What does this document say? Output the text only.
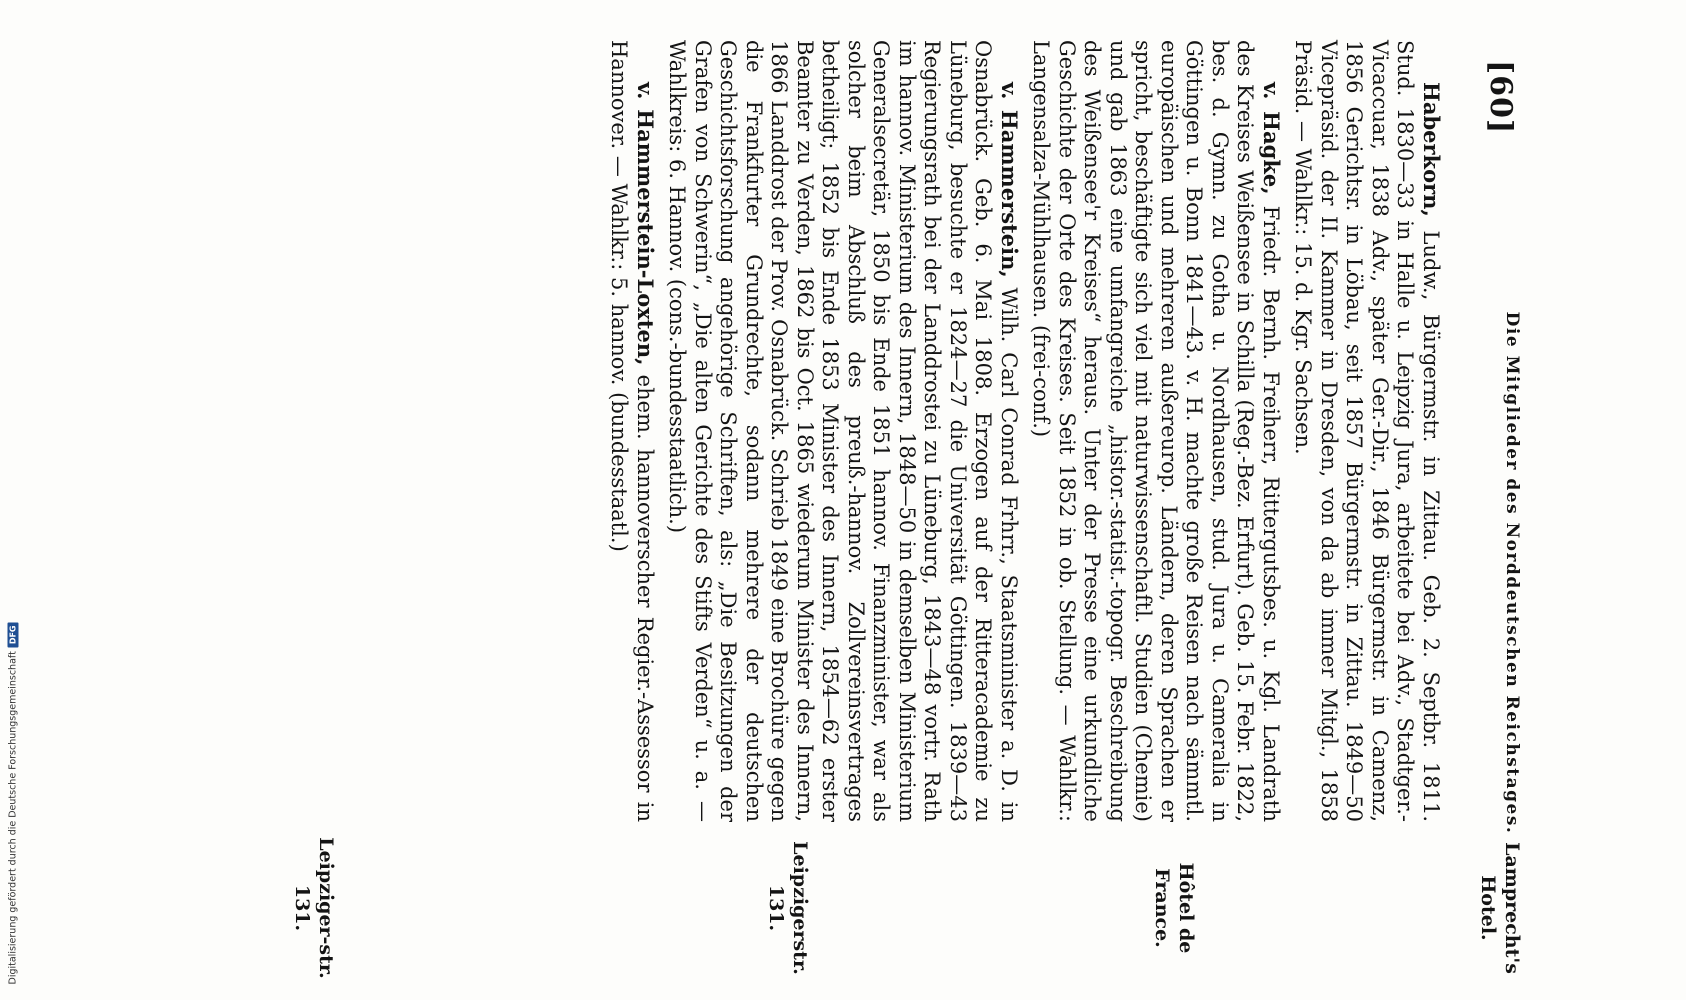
Digitalisierung gefördert durch die Deutsche Forschungsgemeinschaft
DFG
[60]
Die Mitglieder des Norddeutschen Reichstages.
Lamprecht's Hotel.
Hôtel de France.
Leipzigerstr. 131.
Leipziger-str. 131.

Haberkorn, Ludw., Bürgermstr. in Zittau. Geb. 2. Septbr. 1811. Stud. 1830—33 in Halle u. Leipzig Jura, arbeitete bei Adv., Stadtger.-Vicaccuar, 1838 Adv., später Ger.-Dir., 1846 Bürgermstr. in Camenz, 1856 Gerichtsr. in Löbau, seit 1857 Bürgermstr. in Zittau. 1849—50 Vicepräsid. der II. Kammer in Dresden, von da ab immer Mitgl., 1858 Präsid. — Wahlkr.: 15. d. Kgr. Sachsen.

v. Hagke, Friedr. Bernh. Freiherr, Rittergutsbes. u. Kgl. Landrath des Kreises Weißensee in Schilla (Reg.-Bez. Erfurt). Geb. 15. Febr. 1822, bes. d. Gymn. zu Gotha u. Nordhausen, stud. Jura u. Cameralia in Göttingen u. Bonn 1841—43. v. H. machte große Reisen nach sämmtl. europäischen und mehreren außereurop. Ländern, deren Sprachen er spricht, beschäftigte sich viel mit naturwissenschaftl. Studien (Chemie) und gab 1863 eine umfangreiche „histor.-statist.-topogr. Beschreibung des Weißensee'r Kreises“ heraus. Unter der Presse eine urkundliche Geschichte der Orte des Kreises. Seit 1852 in ob. Stellung. — Wahlkr.: Langensalza-Mühlhausen. (frei-conf.)

v. Hammerstein, Wilh. Carl Conrad Frhrr., Staatsminister a. D. in Osnabrück. Geb. 6. Mai 1808. Erzogen auf der Ritteracademie zu Lüneburg, besuchte er 1824—27 die Universität Göttingen. 1839—43 Regierungsrath bei der Landdrostei zu Lüneburg, 1843—48 vortr. Rath im hannov. Ministerium des Innern, 1848—50 in demselben Ministerium Generalsecretär, 1850 bis Ende 1851 hannov. Finanzminister, war als solcher beim Abschluß des preuß.-hannov. Zollvereinsvertrages betheiligt; 1852 bis Ende 1853 Minister des Innern, 1854—62 erster Beamter zu Verden, 1862 bis Oct. 1865 wiederum Minister des Innern, 1866 Landdrost der Prov. Osnabrück. Schrieb 1849 eine Brochüre gegen die Frankfurter Grundrechte, sodann mehrere der deutschen Geschichtsforschung angehörige Schriften, als: „Die Besitzungen der Grafen von Schwerin“, „Die alten Gerichte des Stifts Verden“ u. a. — Wahlkreis: 6. Hannov. (cons.-bundesstaatlich.)

v. Hammerstein-Loxten, ehem. hannoverscher Regier.-Assessor in Hannover. — Wahlkr.: 5. hannov. (bundesstaatl.)
